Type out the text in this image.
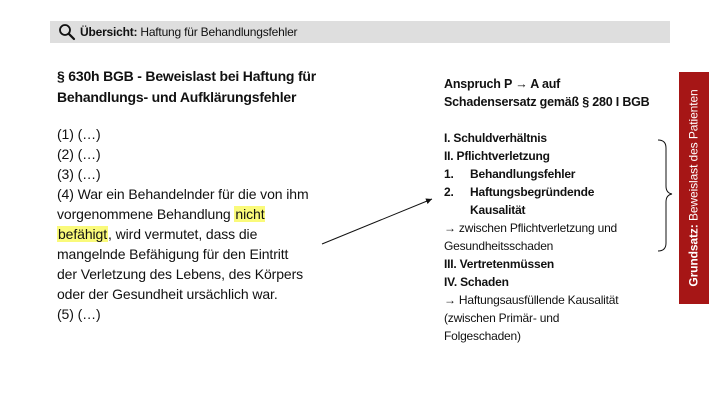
Übersicht: Haftung für Behandlungsfehler
§ 630h BGB - Beweislast bei Haftung für
Behandlungs- und Aufklärungsfehler
(1) (…)
(2) (…)
(3) (…)
(4) War ein Behandelnder für die von ihm
vorgenommene Behandlung nicht
befähigt, wird vermutet, dass die
mangelnde Befähigung für den Eintritt
der Verletzung des Lebens, des Körpers
oder der Gesundheit ursächlich war.
(5) (…)
Anspruch P → A auf
Schadensersatz gemäß § 280 I BGB
I. Schuldverhältnis
II. Pflichtverletzung
1. Behandlungsfehler
2. Haftungsbegründende
Kausalität
→ zwischen Pflichtverletzung und
Gesundheitsschaden
III. Vertretenmüssen
IV. Schaden
→ Haftungsausfüllende Kausalität
(zwischen Primär- und
Folgeschaden)
Grundsatz: Beweislast des Patienten
